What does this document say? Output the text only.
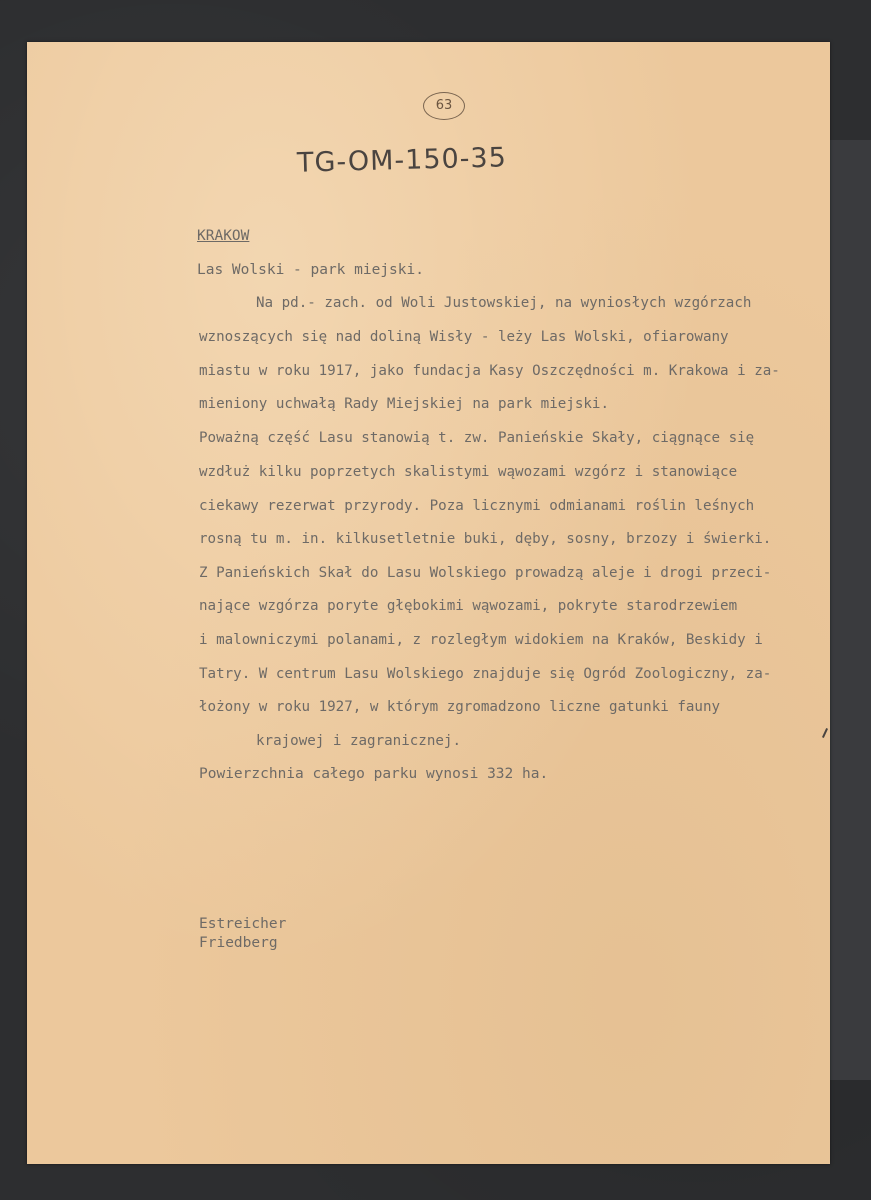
63
TG-OM-150-35
KRAKOW
Las Wolski - park miejski.
Na pd.- zach. od Woli Justowskiej, na wyniosłych wzgórzach
wznoszących się nad doliną Wisły - leży Las Wolski, ofiarowany
miastu w roku 1917, jako fundacja Kasy Oszczędności m. Krakowa i za-
mieniony uchwałą Rady Miejskiej na park miejski.
Poważną część Lasu stanowią t. zw. Panieńskie Skały, ciągnące się
wzdłuż kilku poprzetych skalistymi wąwozami wzgórz i stanowiące
ciekawy rezerwat przyrody. Poza licznymi odmianami roślin leśnych
rosną tu m. in. kilkusetletnie buki, dęby, sosny, brzozy i świerki.
Z Panieńskich Skał do Lasu Wolskiego prowadzą aleje i drogi przeci-
nające wzgórza poryte głębokimi wąwozami, pokryte starodrzewiem
i malowniczymi polanami, z rozległym widokiem na Kraków, Beskidy i
Tatry. W centrum Lasu Wolskiego znajduje się Ogród Zoologiczny, za-
łożony w roku 1927, w którym zgromadzono liczne gatunki fauny
krajowej i zagranicznej.
Powierzchnia całego parku wynosi 332 ha.
Estreicher
Friedberg
